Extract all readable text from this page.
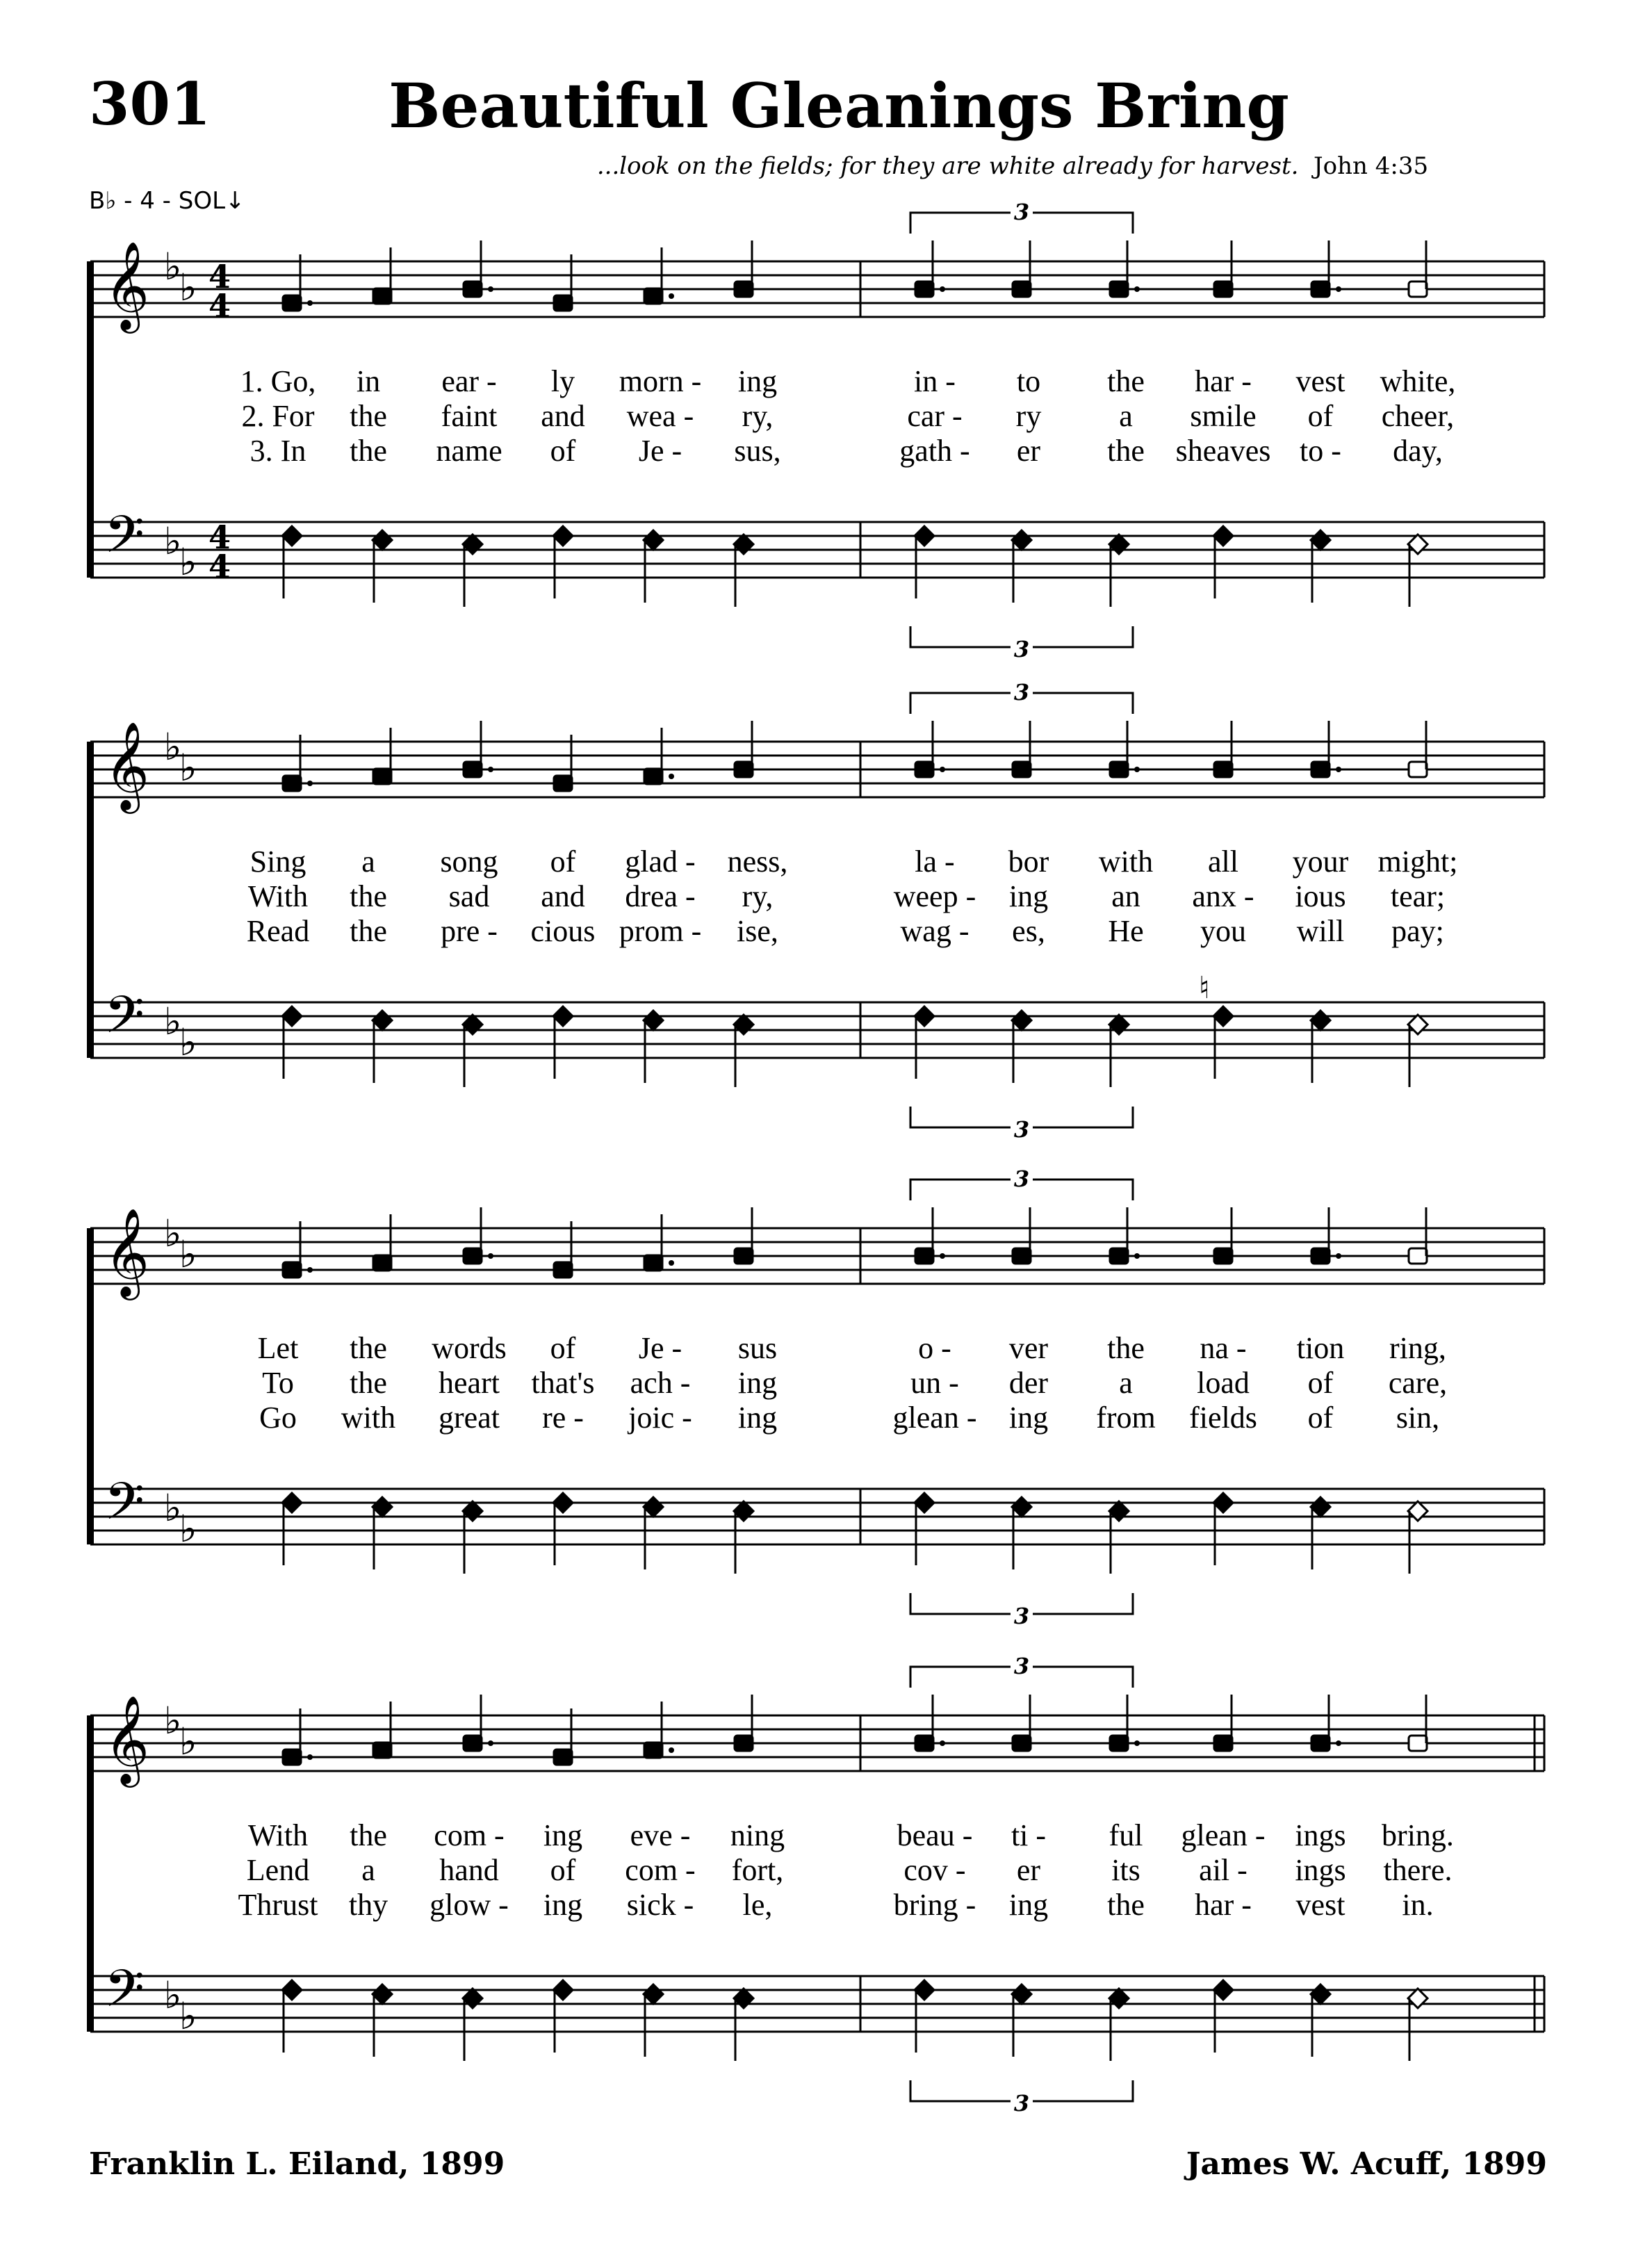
301	Beautiful Gleanings Bring
...look on the fields; for they are white already for harvest. John 4:35
B♭ - 4 - SOL↓
𝄞
𝄢
♭
♭
♭
♭
4
4
4
4
3
3
1. Go, in ear - ly morn - ing	in - to the har - vest white,
2. For the faint and wea - ry,	car - ry	a smile of cheer,
3. In the name of Je - sus,	gath - er the sheaves to - day,
𝄞
𝄢
♭
♭
♭
♭
3
3
Sing a song of glad - ness,	la - bor with all your might;
With the sad and drea - ry,	weep - ing an anx - ious tear;
Read the pre - cious prom - ise,	wag - es, He you will pay;
𝄞
𝄢
♭
♭
♭
♭
3
3
Let the words of Je - sus	o - ver the na - tion ring,
To the heart that's ach - ing	un - der a load of care,
Go with great re - joic - ing	glean - ing from fields of sin,
𝄞
𝄢
♭
♭
♭
♭
3
3
With the com - ing eve - ning	beau - ti - ful glean - ings bring.
Lend a hand of com - fort,	cov - er its ail - ings there.
Thrust thy glow - ing sick - le,	bring - ing the har - vest in.
♮
Franklin L. Eiland, 1899	James W. Acuff, 1899
